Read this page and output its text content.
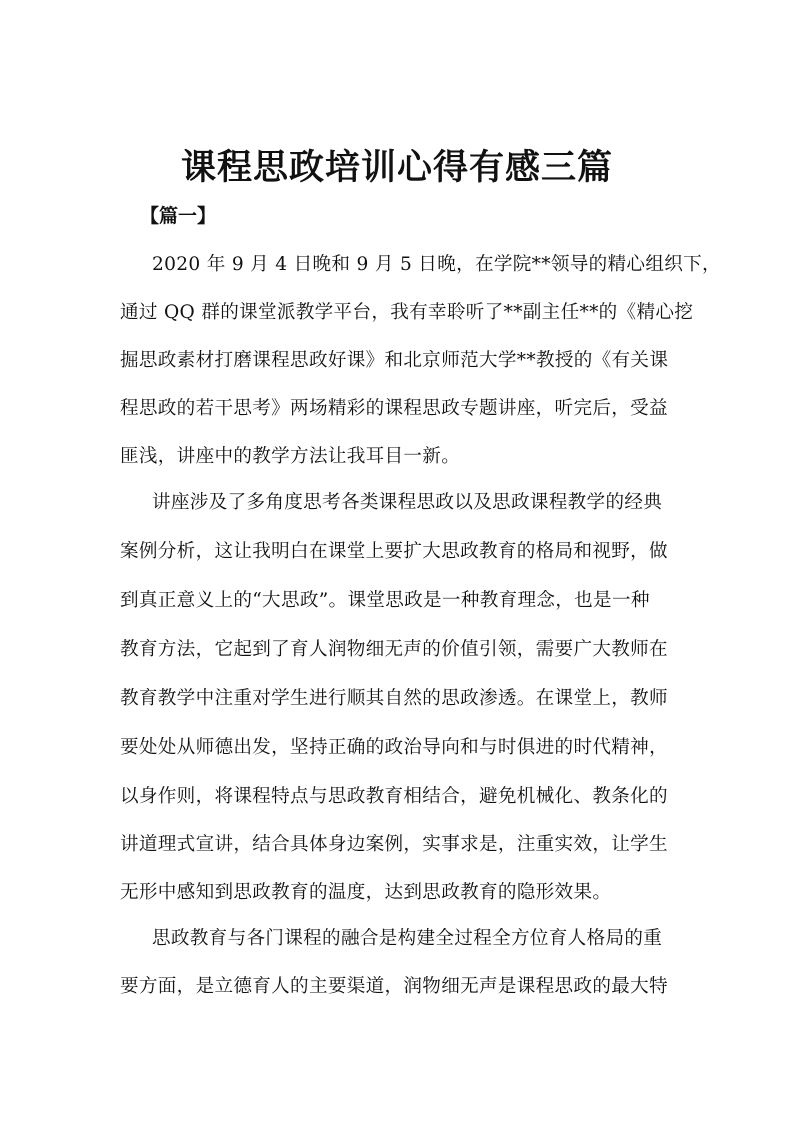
课程思政培训心得有感三篇
【篇一】
2020 年 9 月 4 日晚和 9 月 5 日晚，在学院**领导的精心组织下，
通过 QQ 群的课堂派教学平台，我有幸聆听了**副主任**的《精心挖
掘思政素材打磨课程思政好课》和北京师范大学**教授的《有关课
程思政的若干思考》两场精彩的课程思政专题讲座，听完后，受益
匪浅，讲座中的教学方法让我耳目一新。
讲座涉及了多角度思考各类课程思政以及思政课程教学的经典
案例分析，这让我明白在课堂上要扩大思政教育的格局和视野，做
到真正意义上的“大思政”。课堂思政是一种教育理念，也是一种
教育方法，它起到了育人润物细无声的价值引领，需要广大教师在
教育教学中注重对学生进行顺其自然的思政渗透。在课堂上，教师
要处处从师德出发，坚持正确的政治导向和与时俱进的时代精神，
以身作则，将课程特点与思政教育相结合，避免机械化、教条化的
讲道理式宣讲，结合具体身边案例，实事求是，注重实效，让学生
无形中感知到思政教育的温度，达到思政教育的隐形效果。
思政教育与各门课程的融合是构建全过程全方位育人格局的重
要方面，是立德育人的主要渠道，润物细无声是课程思政的最大特
